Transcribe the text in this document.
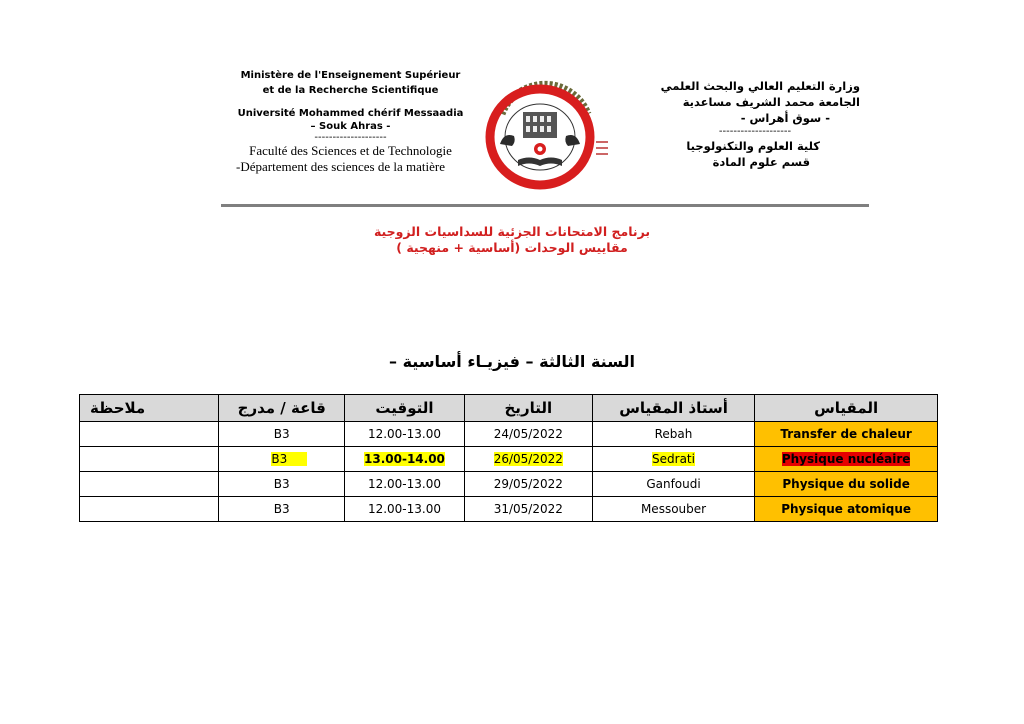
Ministère de l'Enseignement Supérieur
et de la Recherche Scientifique
Université Mohammed chérif Messaadia
– Souk Ahras -
--------------------
Faculté des Sciences et de Technologie
-Département des sciences de la matière
وزارة التعليم العالي والبحث العلمي
الجامعة محمد الشريف مساعدية
- سوق أهراس -
--------------------
كلية العلوم والتكنولوجيا
قسم علوم المادة
برنامج الامتحانات الجزئية للسداسيات الزوجية
مقاييس الوحدات (أساسية + منهجية )
السنة الثالثة – فيزيـاء أساسية –
المقياس	أستاذ المقياس	التاريخ	التوقيت	قاعة / مدرج	ملاحظة
Transfer de chaleur	Rebah	24/05/2022	12.00-13.00	B3	
Physique nucléaire	Sedrati	26/05/2022	13.00-14.00	B3	
Physique du solide	Ganfoudi	29/05/2022	12.00-13.00	B3	
Physique atomique	Messouber	31/05/2022	12.00-13.00	B3	
